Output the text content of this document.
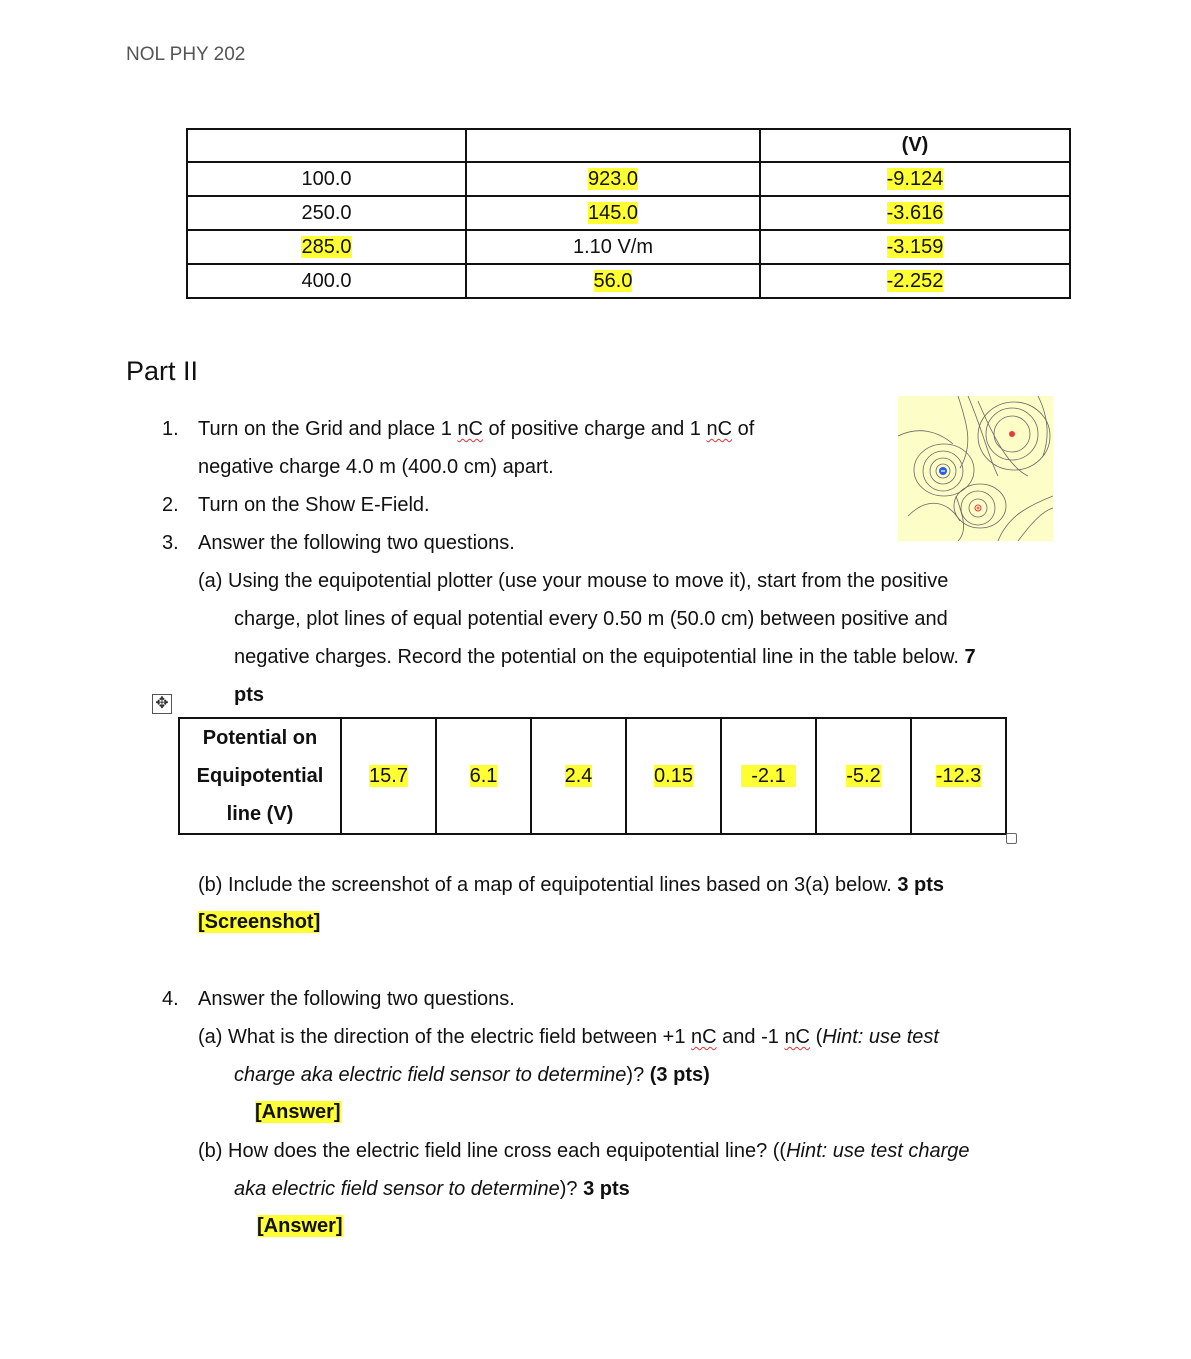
NOL PHY 202
		(V)
100.0	923.0	-9.124
250.0	145.0	-3.616
285.0	1.10 V/m	-3.159
400.0	56.0	-2.252
Part II
1. Turn on the Grid and place 1 nC of positive charge and 1 nC of
negative charge 4.0 m (400.0 cm) apart.
2. Turn on the Show E-Field.
3. Answer the following two questions.
(a) Using the equipotential plotter (use your mouse to move it), start from the positive
charge, plot lines of equal potential every 0.50 m (50.0 cm) between positive and
negative charges. Record the potential on the equipotential line in the table below. 7
pts
✥
Potential on
Equipotential
line (V)
	15.7	6.1	2.4	0.15	-2.1	-5.2	-12.3
(b) Include the screenshot of a map of equipotential lines based on 3(a) below. 3 pts
[Screenshot]
4. Answer the following two questions.
(a) What is the direction of the electric field between +1 nC and -1 nC (Hint: use test
charge aka electric field sensor to determine)? (3 pts)
[Answer]
(b) How does the electric field line cross each equipotential line? ((Hint: use test charge
aka electric field sensor to determine)? 3 pts
[Answer]
